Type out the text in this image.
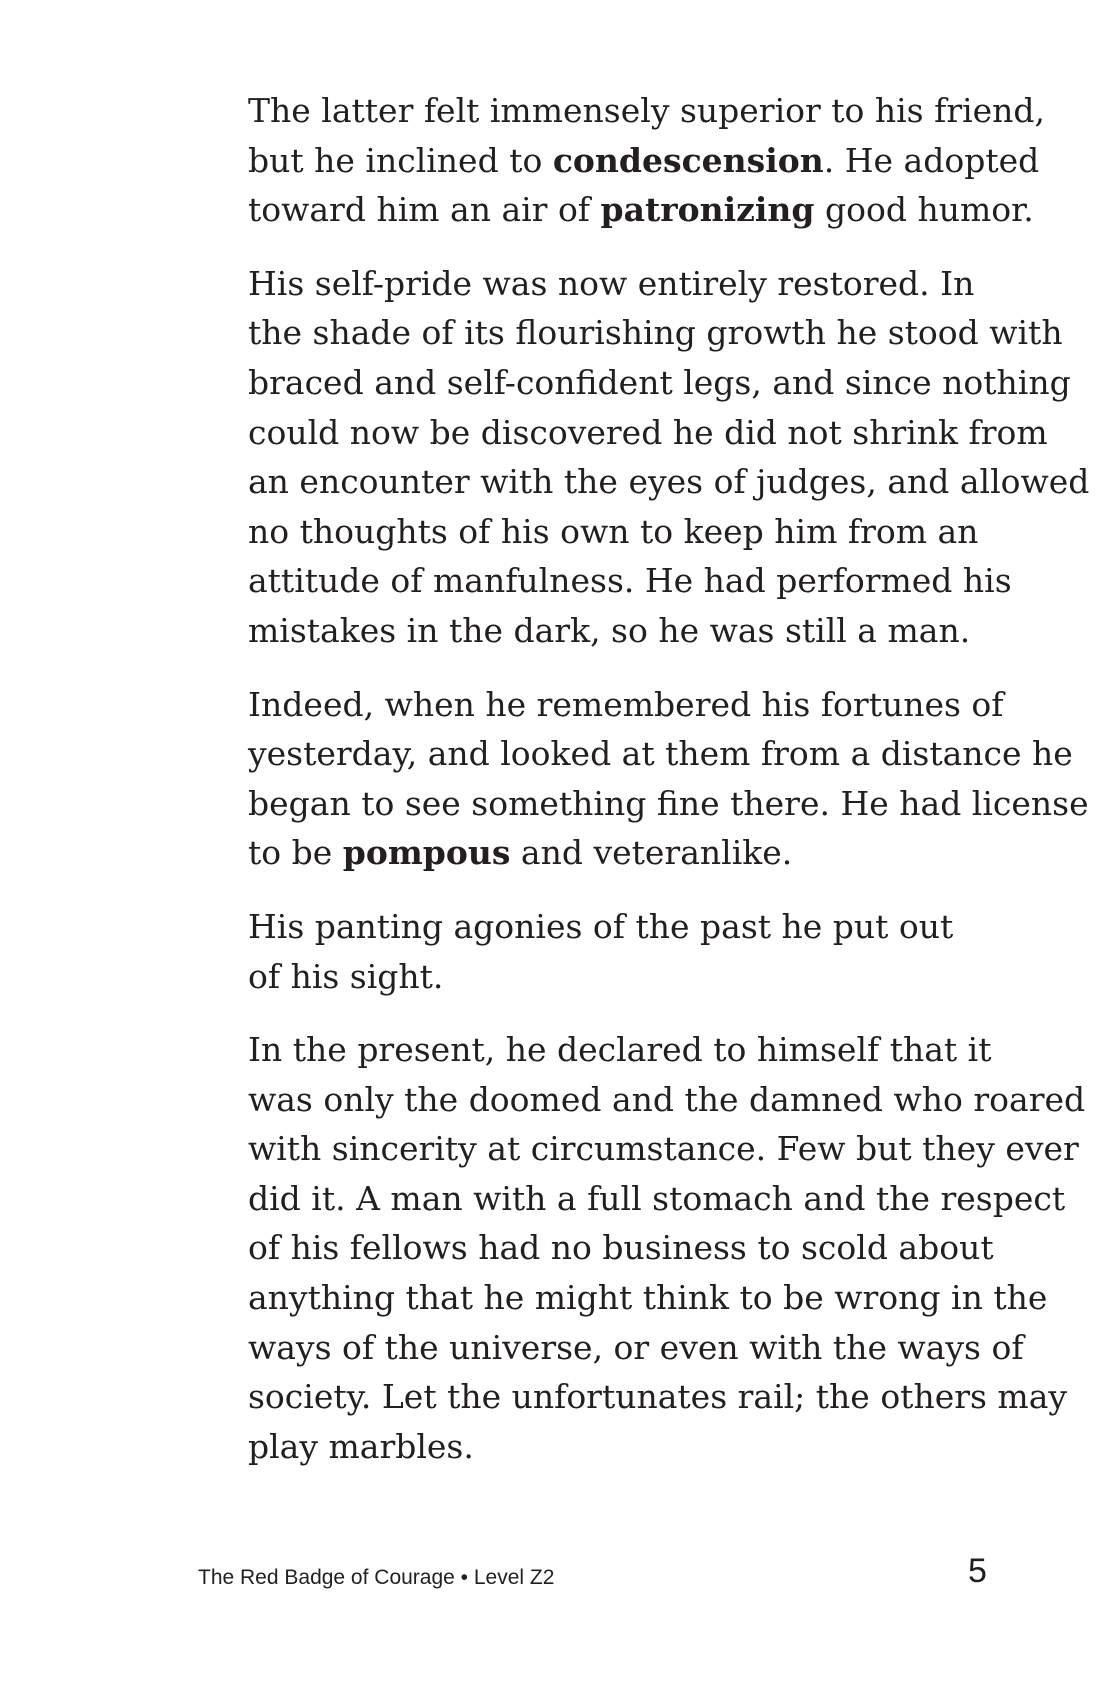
The latter felt immensely superior to his friend,
but he inclined to condescension. He adopted
toward him an air of patronizing good humor.
His self-pride was now entirely restored. In
the shade of its flourishing growth he stood with
braced and self-confident legs, and since nothing
could now be discovered he did not shrink from
an encounter with the eyes of judges, and allowed
no thoughts of his own to keep him from an
attitude of manfulness. He had performed his
mistakes in the dark, so he was still a man.
Indeed, when he remembered his fortunes of
yesterday, and looked at them from a distance he
began to see something fine there. He had license
to be pompous and veteranlike.
His panting agonies of the past he put out
of his sight.
In the present, he declared to himself that it
was only the doomed and the damned who roared
with sincerity at circumstance. Few but they ever
did it. A man with a full stomach and the respect
of his fellows had no business to scold about
anything that he might think to be wrong in the
ways of the universe, or even with the ways of
society. Let the unfortunates rail; the others may
play marbles.
The Red Badge of Courage • Level Z2	5
